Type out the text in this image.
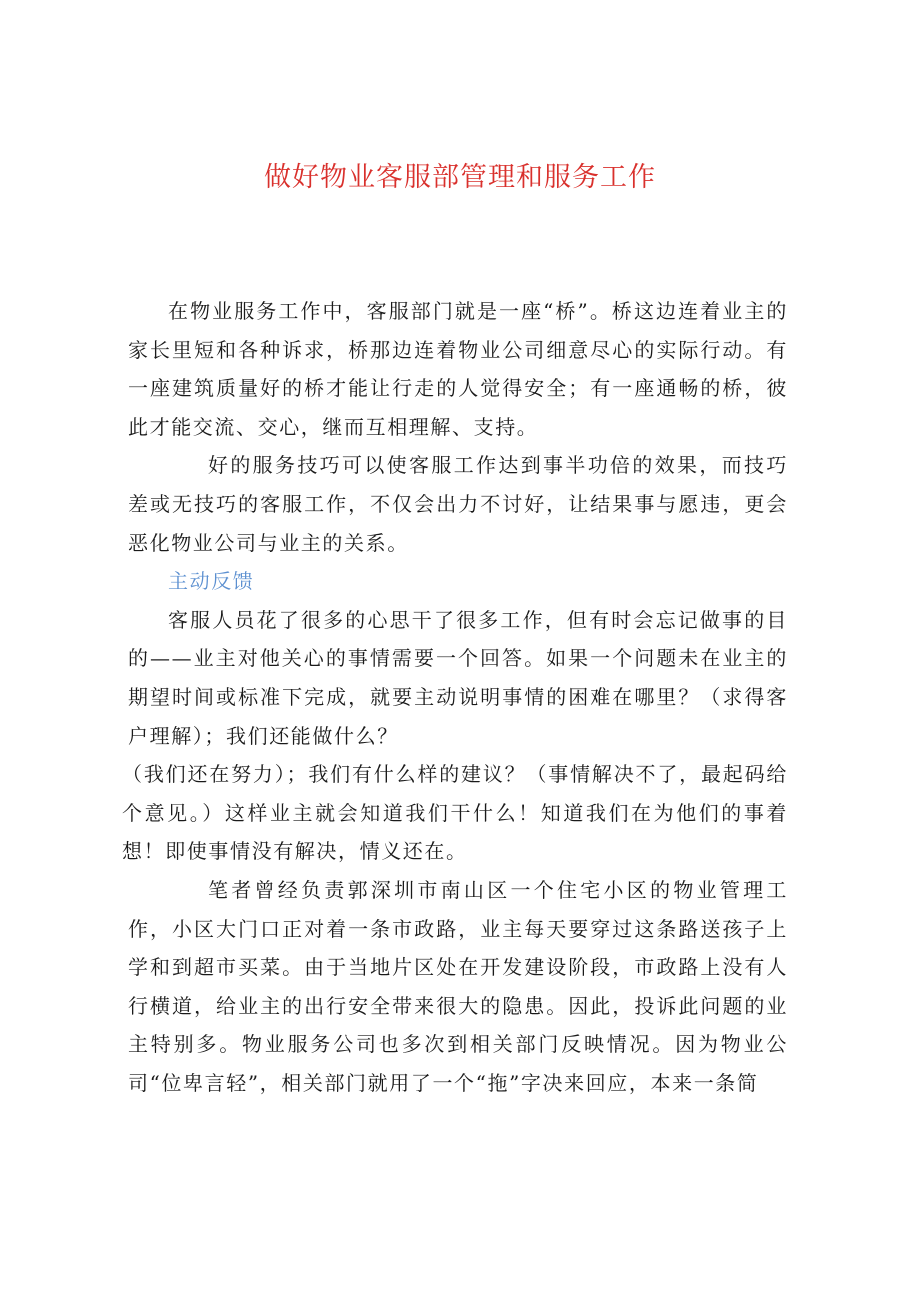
做好物业客服部管理和服务工作

在物业服务工作中，客服部门就是一座“桥”。桥这边连着业主的家长里短和各种诉求，桥那边连着物业公司细意尽心的实际行动。有一座建筑质量好的桥才能让行走的人觉得安全；有一座通畅的桥，彼此才能交流、交心，继而互相理解、支持。

好的服务技巧可以使客服工作达到事半功倍的效果，而技巧差或无技巧的客服工作，不仅会出力不讨好，让结果事与愿违，更会恶化物业公司与业主的关系。

主动反馈

客服人员花了很多的心思干了很多工作，但有时会忘记做事的目的——业主对他关心的事情需要一个回答。如果一个问题未在业主的期望时间或标准下完成，就要主动说明事情的困难在哪里？（求得客户理解）；我们还能做什么？

（我们还在努力）；我们有什么样的建议？（事情解决不了，最起码给个意见。）这样业主就会知道我们干什么！知道我们在为他们的事着想！即使事情没有解决，情义还在。

笔者曾经负责郭深圳市南山区一个住宅小区的物业管理工作，小区大门口正对着一条市政路，业主每天要穿过这条路送孩子上学和到超市买菜。由于当地片区处在开发建设阶段，市政路上没有人行横道，给业主的出行安全带来很大的隐患。因此，投诉此问题的业主特别多。物业服务公司也多次到相关部门反映情况。因为物业公司“位卑言轻”，相关部门就用了一个“拖”字决来回应，本来一条简
